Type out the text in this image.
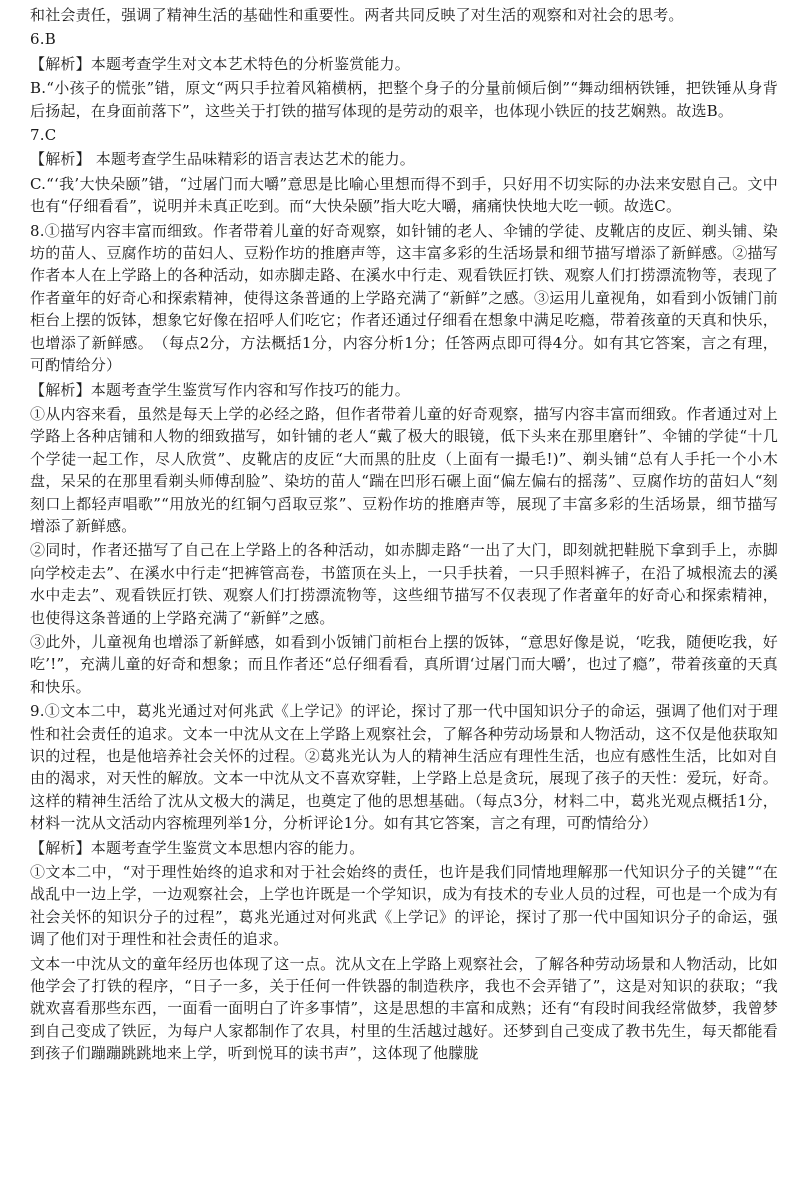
和社会责任，强调了精神生活的基础性和重要性。两者共同反映了对生活的观察和对社会的思考。

6.B

【解析】本题考查学生对文本艺术特色的分析鉴赏能力。

B.“小孩子的慌张”错，原文“两只手拉着风箱横柄，把整个身子的分量前倾后倒”“舞动细柄铁锤，把铁锤从身背后扬起，在身面前落下”，这些关于打铁的描写体现的是劳动的艰辛，也体现小铁匠的技艺娴熟。故选B。

7.C

【解析】 本题考查学生品味精彩的语言表达艺术的能力。

C.“‘我’大快朵颐”错，“过屠门而大嚼”意思是比喻心里想而得不到手，只好用不切实际的办法来安慰自己。文中也有“仔细看看”，说明并未真正吃到。而“大快朵颐”指大吃大嚼，痛痛快快地大吃一顿。故选C。

8.①描写内容丰富而细致。作者带着儿童的好奇观察，如针铺的老人、伞铺的学徒、皮靴店的皮匠、剃头铺、染坊的苗人、豆腐作坊的苗妇人、豆粉作坊的推磨声等，这丰富多彩的生活场景和细节描写增添了新鲜感。②描写作者本人在上学路上的各种活动，如赤脚走路、在溪水中行走、观看铁匠打铁、观察人们打捞漂流物等，表现了作者童年的好奇心和探索精神，使得这条普通的上学路充满了“新鲜”之感。③运用儿童视角，如看到小饭铺门前柜台上摆的饭钵，想象它好像在招呼人们吃它；作者还通过仔细看在想象中满足吃瘾，带着孩童的天真和快乐，也增添了新鲜感。　（每点2分，方法概括1分，内容分析1分；任答两点即可得4分。如有其它答案，言之有理，可酌情给分）

【解析】本题考查学生鉴赏写作内容和写作技巧的能力。

①从内容来看，虽然是每天上学的必经之路，但作者带着儿童的好奇观察，描写内容丰富而细致。作者通过对上学路上各种店铺和人物的细致描写，如针铺的老人“戴了极大的眼镜，低下头来在那里磨针”、伞铺的学徒“十几个学徒一起工作，尽人欣赏”、皮靴店的皮匠“大而黑的肚皮（上面有一撮毛!)”、剃头铺“总有人手托一个小木盘，呆呆的在那里看剃头师傅刮脸”、染坊的苗人“踹在凹形石碾上面“偏左偏右的摇荡”、豆腐作坊的苗妇人“刻刻口上都轻声唱歌”“用放光的红铜勺舀取豆浆”、豆粉作坊的推磨声等，展现了丰富多彩的生活场景，细节描写增添了新鲜感。

②同时，作者还描写了自己在上学路上的各种活动，如赤脚走路“一出了大门，即刻就把鞋脱下拿到手上，赤脚向学校走去”、在溪水中行走“把裤管高卷，书篮顶在头上，一只手扶着，一只手照料裤子，在沿了城根流去的溪水中走去”、观看铁匠打铁、观察人们打捞漂流物等，这些细节描写不仅表现了作者童年的好奇心和探索精神，也使得这条普通的上学路充满了“新鲜”之感。

③此外，儿童视角也增添了新鲜感，如看到小饭铺门前柜台上摆的饭钵，“意思好像是说，‘吃我，随便吃我，好吃’!”，充满儿童的好奇和想象；而且作者还“总仔细看看，真所谓‘过屠门而大嚼’，也过了瘾”，带着孩童的天真和快乐。

9.①文本二中，葛兆光通过对何兆武《上学记》的评论，探讨了那一代中国知识分子的命运，强调了他们对于理性和社会责任的追求。文本一中沈从文在上学路上观察社会，了解各种劳动场景和人物活动，这不仅是他获取知识的过程，也是他培养社会关怀的过程。②葛兆光认为人的精神生活应有理性生活，也应有感性生活，比如对自由的渴求，对天性的解放。文本一中沈从文不喜欢穿鞋，上学路上总是贪玩，展现了孩子的天性：爱玩，好奇。这样的精神生活给了沈从文极大的满足，也奠定了他的思想基础。（每点3分，材料二中，葛兆光观点概括1分，材料一沈从文活动内容梳理列举1分，分析评论1分。如有其它答案，言之有理，可酌情给分）

【解析】本题考查学生鉴赏文本思想内容的能力。

①文本二中，“对于理性始终的追求和对于社会始终的责任，也许是我们同情地理解那一代知识分子的关键”“在战乱中一边上学，一边观察社会，上学也许既是一个学知识，成为有技术的专业人员的过程，可也是一个成为有社会关怀的知识分子的过程”，葛兆光通过对何兆武《上学记》的评论，探讨了那一代中国知识分子的命运，强调了他们对于理性和社会责任的追求。

文本一中沈从文的童年经历也体现了这一点。沈从文在上学路上观察社会，了解各种劳动场景和人物活动，比如他学会了打铁的程序，“日子一多，关于任何一件铁器的制造秩序，我也不会弄错了”，这是对知识的获取；“我就欢喜看那些东西，一面看一面明白了许多事情”，这是思想的丰富和成熟；还有“有段时间我经常做梦，我曾梦到自己变成了铁匠，为每户人家都制作了农具，村里的生活越过越好。还梦到自己变成了教书先生，每天都能看到孩子们蹦蹦跳跳地来上学，听到悦耳的读书声”，这体现了他朦胧
